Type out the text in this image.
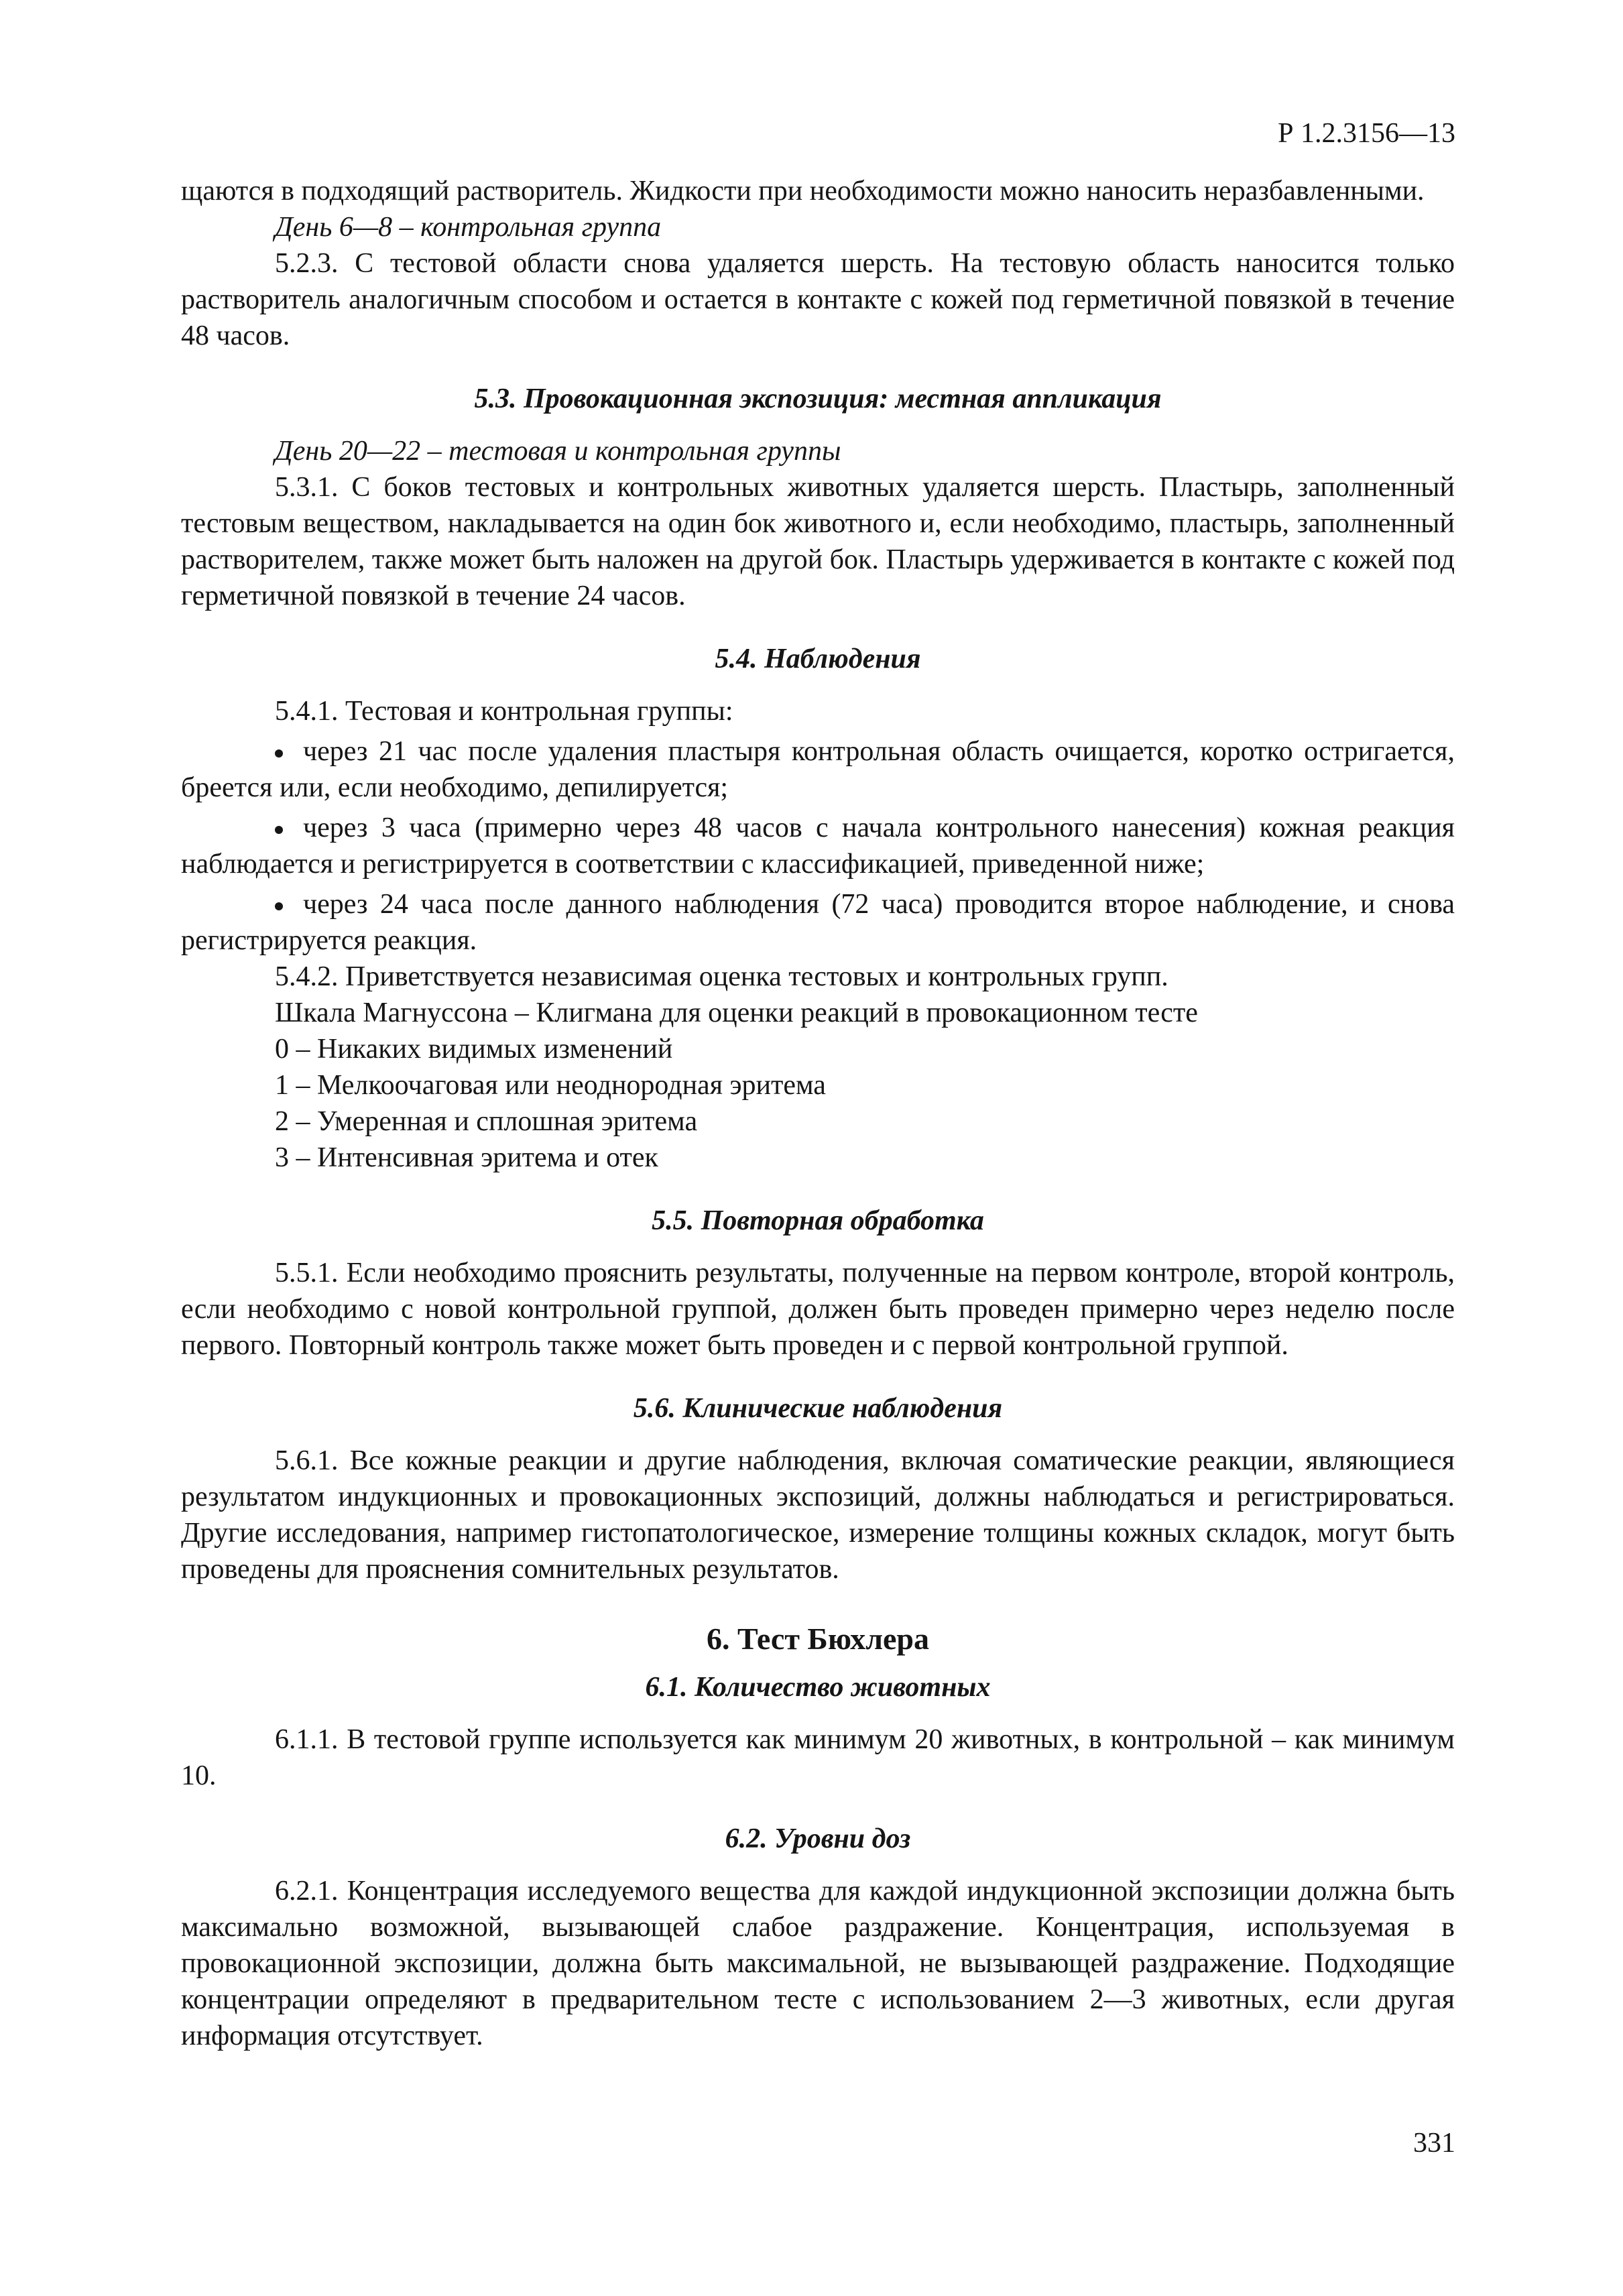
Р 1.2.3156—13

щаются в подходящий растворитель. Жидкости при необходимости можно наносить неразбавленными.

День 6—8 – контрольная группа

5.2.3. С тестовой области снова удаляется шерсть. На тестовую область наносится только растворитель аналогичным способом и остается в контакте с кожей под герметичной повязкой в течение 48 часов.

5.3. Провокационная экспозиция: местная аппликация

День 20—22 – тестовая и контрольная группы

5.3.1. С боков тестовых и контрольных животных удаляется шерсть. Пластырь, заполненный тестовым веществом, накладывается на один бок животного и, если необходимо, пластырь, заполненный растворителем, также может быть наложен на другой бок. Пластырь удерживается в контакте с кожей под герметичной повязкой в течение 24 часов.

5.4. Наблюдения

5.4.1. Тестовая и контрольная группы:

через 21 час после удаления пластыря контрольная область очищается, коротко остригается, бреется или, если необходимо, депилируется;
через 3 часа (примерно через 48 часов с начала контрольного нанесения) кожная реакция наблюдается и регистрируется в соответствии с классификацией, приведенной ниже;
через 24 часа после данного наблюдения (72 часа) проводится второе наблюдение, и снова регистрируется реакция.

5.4.2. Приветствуется независимая оценка тестовых и контрольных групп.

Шкала Магнуссона – Клигмана для оценки реакций в провокационном тесте

0 – Никаких видимых изменений

1 – Мелкоочаговая или неоднородная эритема

2 – Умеренная и сплошная эритема

3 – Интенсивная эритема и отек

5.5. Повторная обработка

5.5.1. Если необходимо прояснить результаты, полученные на первом контроле, второй контроль, если необходимо с новой контрольной группой, должен быть проведен примерно через неделю после первого. Повторный контроль также может быть проведен и с первой контрольной группой.

5.6. Клинические наблюдения

5.6.1. Все кожные реакции и другие наблюдения, включая соматические реакции, являющиеся результатом индукционных и провокационных экспозиций, должны наблюдаться и регистрироваться. Другие исследования, например гистопатологическое, измерение толщины кожных складок, могут быть проведены для прояснения сомнительных результатов.

6. Тест Бюхлера
6.1. Количество животных

6.1.1. В тестовой группе используется как минимум 20 животных, в контрольной – как минимум 10.

6.2. Уровни доз

6.2.1. Концентрация исследуемого вещества для каждой индукционной экспозиции должна быть максимально возможной, вызывающей слабое раздражение. Концентрация, используемая в провокационной экспозиции, должна быть максимальной, не вызывающей раздражение. Подходящие концентрации определяют в предварительном тесте с использованием 2—3 животных, если другая информация отсутствует.

331
